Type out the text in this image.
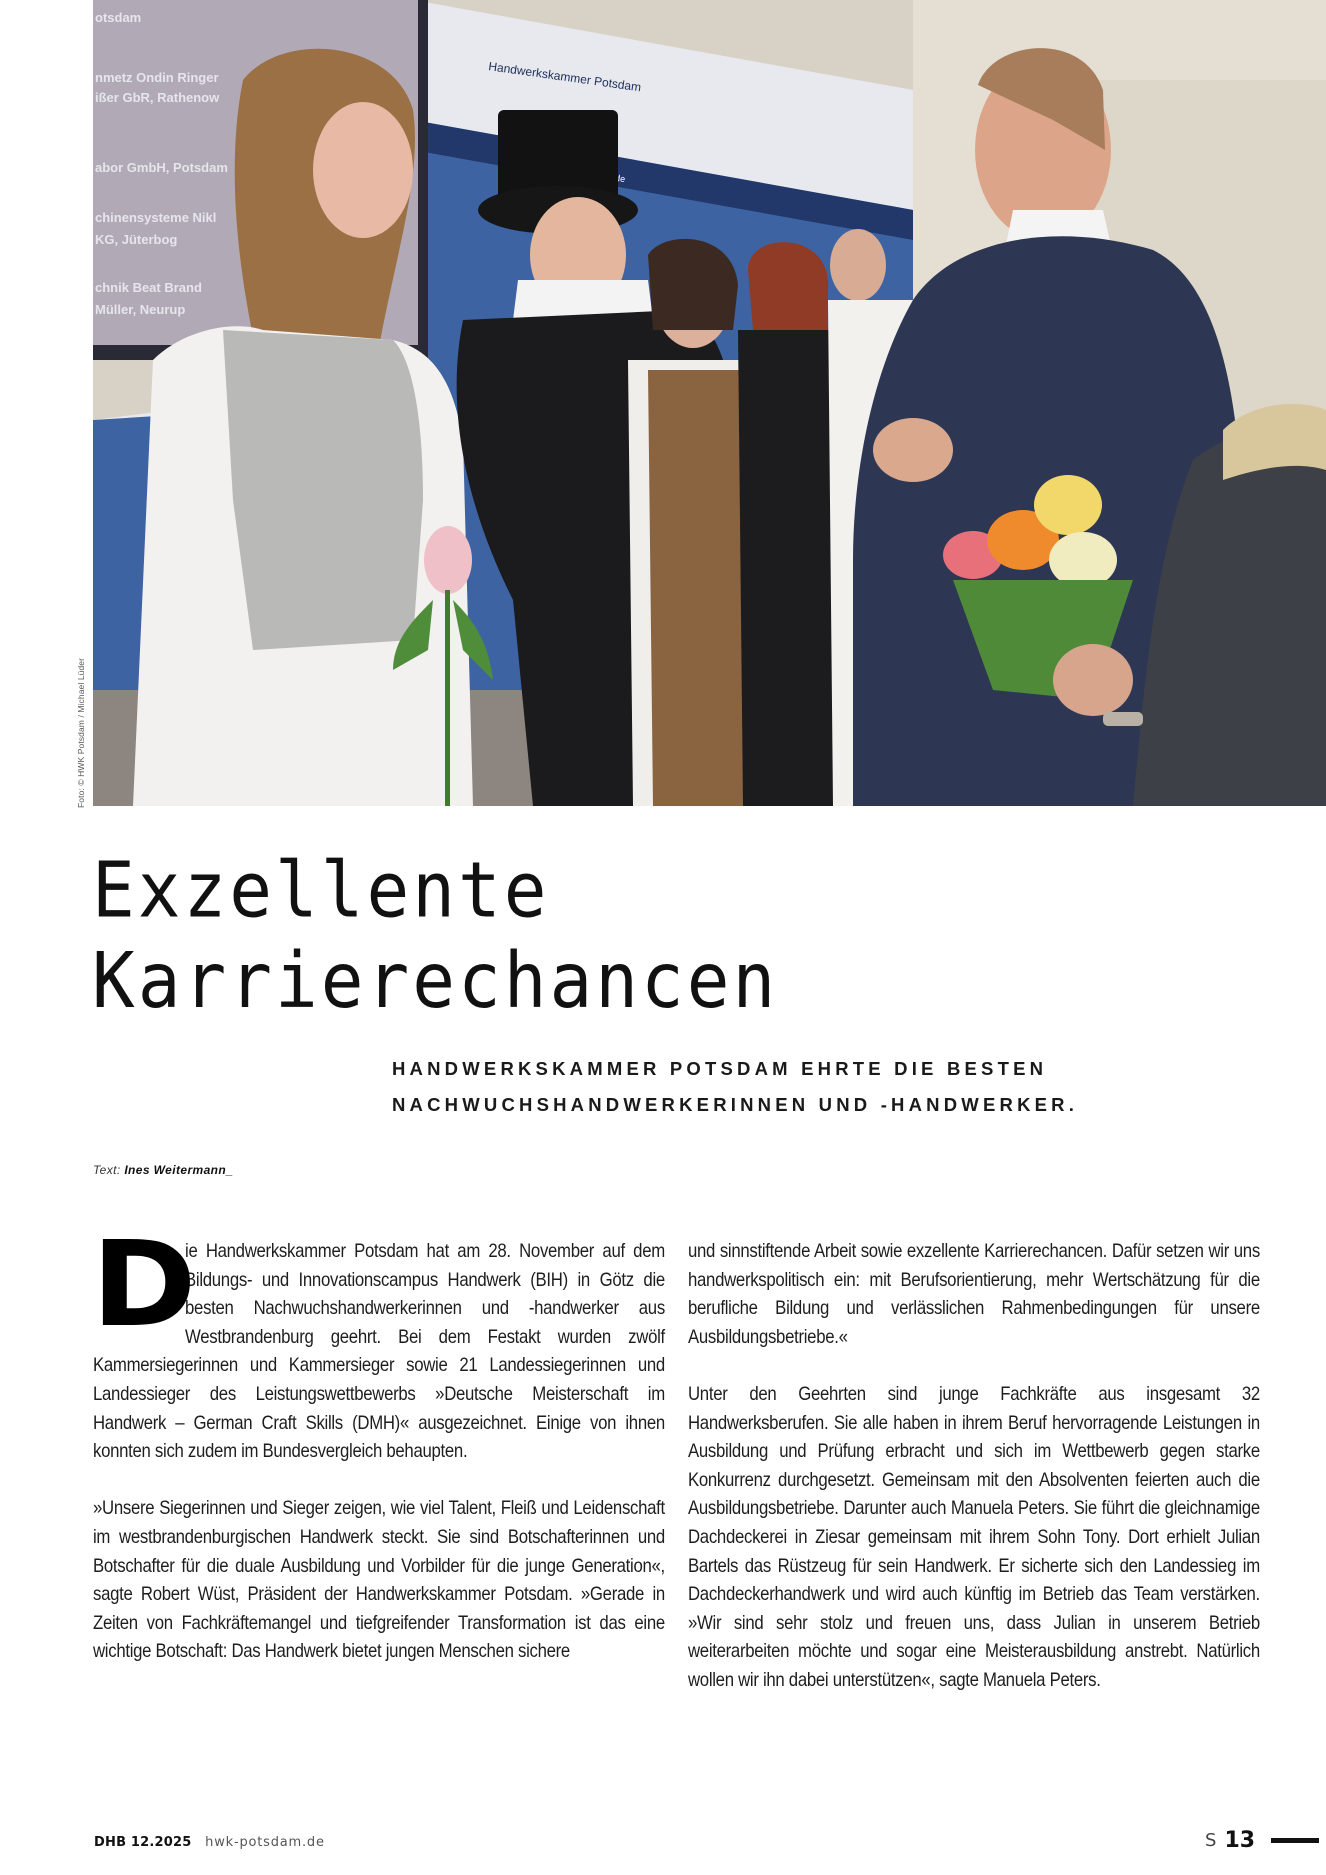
otsdam
nmetz Ondin Ringer
ißer GbR, Rathenow
abor GmbH, Potsdam
chinensysteme Nikl
KG, Jüterbog
chnik Beat Brand
Müller, Neurup
Handwerkskammer Potsdam
Foto: © HWK Potsdam / Michael Lüder
Exzellente
Karrierechancen
HANDWERKSKAMMER POTSDAM EHRTE DIE BESTEN
NACHWUCHSHANDWERKERINNEN UND -HANDWERKER.
Text: Ines Weitermann_

D
ie Handwerkskammer Potsdam hat am 28. November auf dem Bildungs- und Innovationscampus Handwerk (BIH) in Götz die besten Nachwuchshandwerkerinnen und -handwerker aus Westbrandenburg geehrt. Bei dem Festakt wurden zwölf Kammersiegerinnen und Kammersieger sowie 21 Landessiegerinnen und Landessieger des Leistungswettbewerbs »Deutsche Meisterschaft im Handwerk – German Craft Skills (DMH)« ausgezeichnet. Einige von ihnen konnten sich zudem im Bundesvergleich behaupten.

»Unsere Siegerinnen und Sieger zeigen, wie viel Talent, Fleiß und Leidenschaft im westbrandenburgischen Handwerk steckt. Sie sind Botschafterinnen und Botschafter für die duale Ausbildung und Vorbilder für die junge Generation«, sagte Robert Wüst, Präsident der Handwerkskammer Potsdam. »Gerade in Zeiten von Fachkräftemangel und tiefgreifender Transformation ist das eine wichtige Botschaft: Das Handwerk bietet jungen Menschen sichere

und sinnstiftende Arbeit sowie exzellente Karrierechancen. Dafür setzen wir uns handwerkspolitisch ein: mit Berufsorientierung, mehr Wertschätzung für die berufliche Bildung und verlässlichen Rahmenbedingungen für unsere Ausbildungsbetriebe.«

Unter den Geehrten sind junge Fachkräfte aus insgesamt 32 Handwerksberufen. Sie alle haben in ihrem Beruf hervorragende Leistungen in Ausbildung und Prüfung erbracht und sich im Wettbewerb gegen starke Konkurrenz durchgesetzt. Gemeinsam mit den Absolventen feierten auch die Ausbildungsbetriebe. Darunter auch Manuela Peters. Sie führt die gleichnamige Dachdeckerei in Ziesar gemeinsam mit ihrem Sohn Tony. Dort erhielt Julian Bartels das Rüstzeug für sein Handwerk. Er sicherte sich den Landessieg im Dachdeckerhandwerk und wird auch künftig im Betrieb das Team verstärken. »Wir sind sehr stolz und freuen uns, dass Julian in unserem Betrieb weiterarbeiten möchte und sogar eine Meisterausbildung anstrebt. Natürlich wollen wir ihn dabei unterstützen«, sagte Manuela Peters.

DHB 12.2025 hwk-potsdam.de	S 13
